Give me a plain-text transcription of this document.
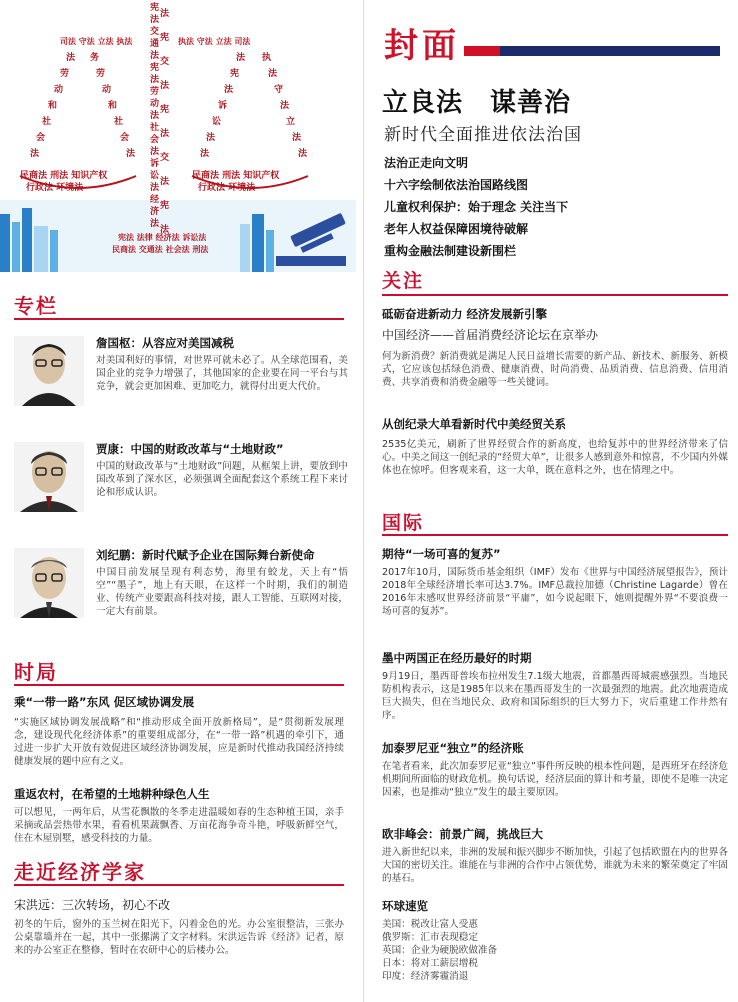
宪
法
交
通
法
宪
法
劳
动
法
社
会
法
诉
讼
法
经
济
法
法
宪
交
法
宪
法
交
法
宪
法
司法 守法 立法 执法	执法 守法 立法 司法
法
劳
动
和
社
会
法
务
劳
动
和
社
会
法
法
宪
法
诉
讼
法
法
执
法
守
法
立
法
法
民商法 刑法 知识产权
行政法 环境法
民商法 刑法 知识产权
行政法 环境法
宪法 法律 经济法 诉讼法
民商法 交通法 社会法 刑法
专栏
詹国枢：从容应对美国减税
对美国利好的事情，对世界可就未必了。从全球范围看，美国企业的竞争力增强了，其他国家的企业要在同一平台与其竞争，就会更加困难、更加吃力，就得付出更大代价。
贾康：中国的财政改革与“土地财政”
中国的财政改革与“土地财政”问题，从框架上讲，要放到中国改革到了深水区，必须强调全面配套这个系统工程下来讨论和形成认识。
刘纪鹏：新时代赋予企业在国际舞台新使命
中国目前发展呈现有利态势，海里有蛟龙，天上有“悟空”“墨子”，地上有天眼，在这样一个时期，我们的制造业、传统产业要跟高科技对接，跟人工智能、互联网对接，一定大有前景。
时局
乘“一带一路”东风 促区域协调发展
“实施区域协调发展战略”和“推动形成全面开放新格局”，是“贯彻新发展理念，建设现代化经济体系”的重要组成部分，在“一带一路”机遇的牵引下，通过进一步扩大开放有效促进区域经济协调发展，应是新时代推动我国经济持续健康发展的题中应有之义。
重返农村，在希望的土地耕种绿色人生
可以想见，一两年后，从雪花飘散的冬季走进温暖如春的生态种植王国，亲手采摘或品尝热带水果，看看机果蔬飘香、万亩花海争奇斗艳，呼吸新鲜空气，住在木屋别墅，感受科技的力量。
走近经济学家
宋洪远：三次转场，初心不改
初冬的午后，窗外的玉兰树在阳光下，闪着金色的光。办公室很整洁，三张办公桌靠墙并在一起，其中一张摞满了文字材料。宋洪远告诉《经济》记者，原来的办公室正在整修，暂时在农研中心的后楼办公。
封面
立良法　谋善治
新时代全面推进依法治国
法治正走向文明
十六字绘制依法治国路线图
儿童权利保护：始于理念 关注当下
老年人权益保障困境待破解
重构金融法制建设新围栏
关注
砥砺奋进新动力 经济发展新引擎
中国经济——首届消费经济论坛在京举办
何为新消费？新消费就是满足人民日益增长需要的新产品、新技术、新服务、新模式，它应该包括绿色消费、健康消费、时尚消费、品质消费、信息消费、信用消费、共享消费和消费金融等一些关键词。
从创纪录大单看新时代中美经贸关系
2535亿美元，刷新了世界经贸合作的新高度，也给复苏中的世界经济带来了信心。中美之间这一创纪录的“经贸大单”，让很多人感到意外和惊喜，不少国内外媒体也在惊呼。但客观来看，这一大单，既在意料之外，也在情理之中。
国际
期待“一场可喜的复苏”
2017年10月，国际货币基金组织（IMF）发布《世界与中国经济展望报告》，预计2018年全球经济增长率可达3.7%。IMF总裁拉加德（Christine Lagarde）曾在2016年末感叹世界经济前景“平庸”，如今说起眼下，她则提醒外界“不要浪费一场可喜的复苏”。
墨中两国正在经历最好的时期
9月19日，墨西哥普埃布拉州发生7.1级大地震，首都墨西哥城震感强烈。当地民防机构表示，这是1985年以来在墨西哥发生的一次最强烈的地震。此次地震造成巨大损失，但在当地民众、政府和国际组织的巨大努力下，灾后重建工作井然有序。
加泰罗尼亚“独立”的经济账
在笔者看来，此次加泰罗尼亚“独立”事件所反映的根本性问题，是西班牙在经济危机期间所面临的财政危机。换句话说，经济层面的算计和考量，即使不是唯一决定因素，也是推动“独立”发生的最主要原因。
欧非峰会：前景广阔，挑战巨大
进入新世纪以来，非洲的发展和振兴脚步不断加快，引起了包括欧盟在内的世界各大国的密切关注。谁能在与非洲的合作中占领优势，谁就为未来的繁荣奠定了牢固的基石。
环球速览
美国：税改让富人受惠
俄罗斯：汇市表现稳定
英国：企业为硬脱欧做准备
日本：将对工薪层增税
印度：经济雾霾消退
